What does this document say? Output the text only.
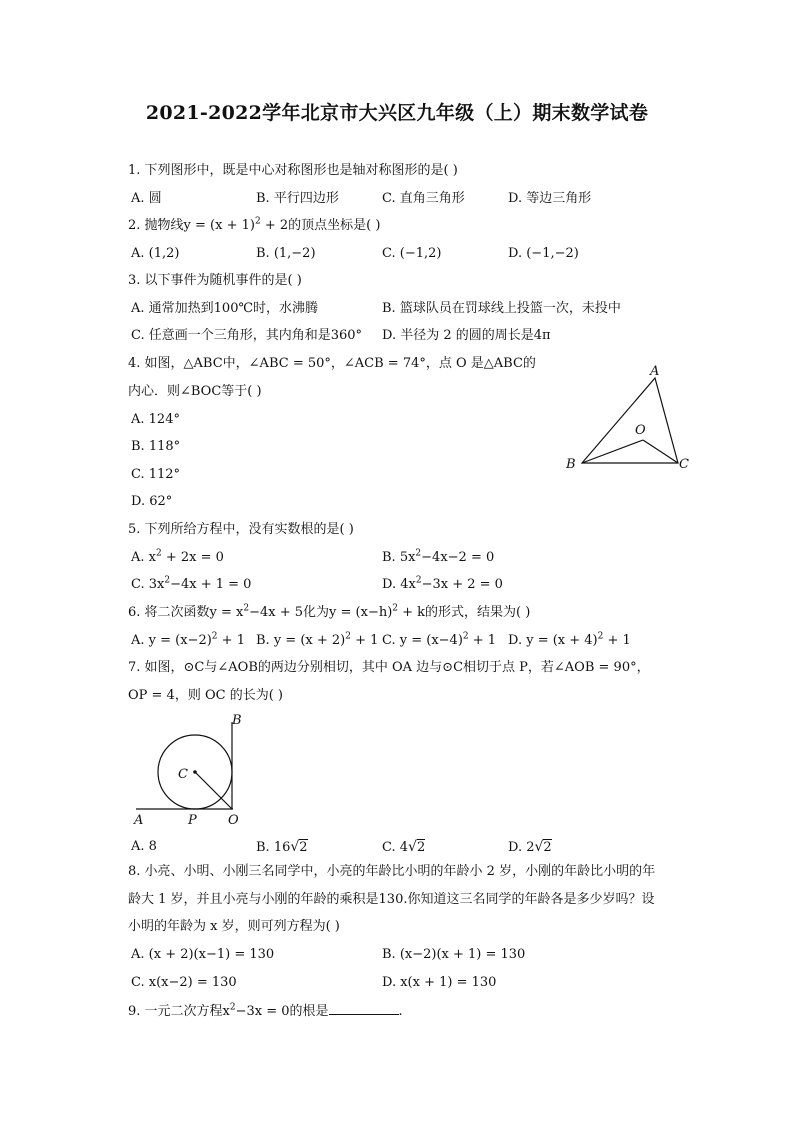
2021-2022学年北京市大兴区九年级（上）期末数学试卷
1. 下列图形中，既是中心对称图形也是轴对称图形的是( )
A. 圆	B. 平行四边形	C. 直角三角形	D. 等边三角形
2. 抛物线$y = (x + 1)^2 + 2$的顶点坐标是( )
A. (1,2)	B. (1,−2)	C. (−1,2)	D. (−1,−2)
3. 以下事件为随机事件的是( )
A. 通常加热到100℃时，水沸腾	B. 篮球队员在罚球线上投篮一次，未投中
C. 任意画一个三角形，其内角和是360° D. 半径为 2 的圆的周长是4π
4. 如图，△ABC中，∠ABC = 50°，∠ACB = 74°，点 O 是△ABC的
内心．则∠BOC等于( )
A. 124°
B. 118°
C. 112°
D. 62°
A
B	C
O
5. 下列所给方程中，没有实数根的是( )
A. $x^2 + 2x = 0$	B. $5x^2-4x-2 = 0$
C. $3x^2-4x + 1 = 0$	D. $4x^2-3x + 2 = 0$
6. 将二次函数$y = x^2-4x + 5$化为$y = (x-h)^2 + k$的形式，结果为( )
A. $y = (x-2)^2 + 1$ B. $y = (x + 2)^2 + 1$ C. $y = (x-4)^2 + 1$ D. $y = (x + 4)^2 + 1$
7. 如图，⊙C与∠AOB的两边分别相切，其中 OA 边与⊙C相切于点 P，若∠AOB = 90°，
OP = 4，则 OC 的长为( )
B
C
A	P O
A. 8	B. 16√2	C. 4√2	D. 2√2
8. 小亮、小明、小刚三名同学中，小亮的年龄比小明的年龄小 2 岁，小刚的年龄比小明的年
龄大 1 岁，并且小亮与小刚的年龄的乘积是130.你知道这三名同学的年龄各是多少岁吗？设
小明的年龄为 x 岁，则可列方程为( )
A. (x + 2)(x−1) = 130	B. (x−2)(x + 1) = 130
C. x(x−2) = 130	D. x(x + 1) = 130
9. 一元二次方程$x^2-3x = 0$的根是	.
